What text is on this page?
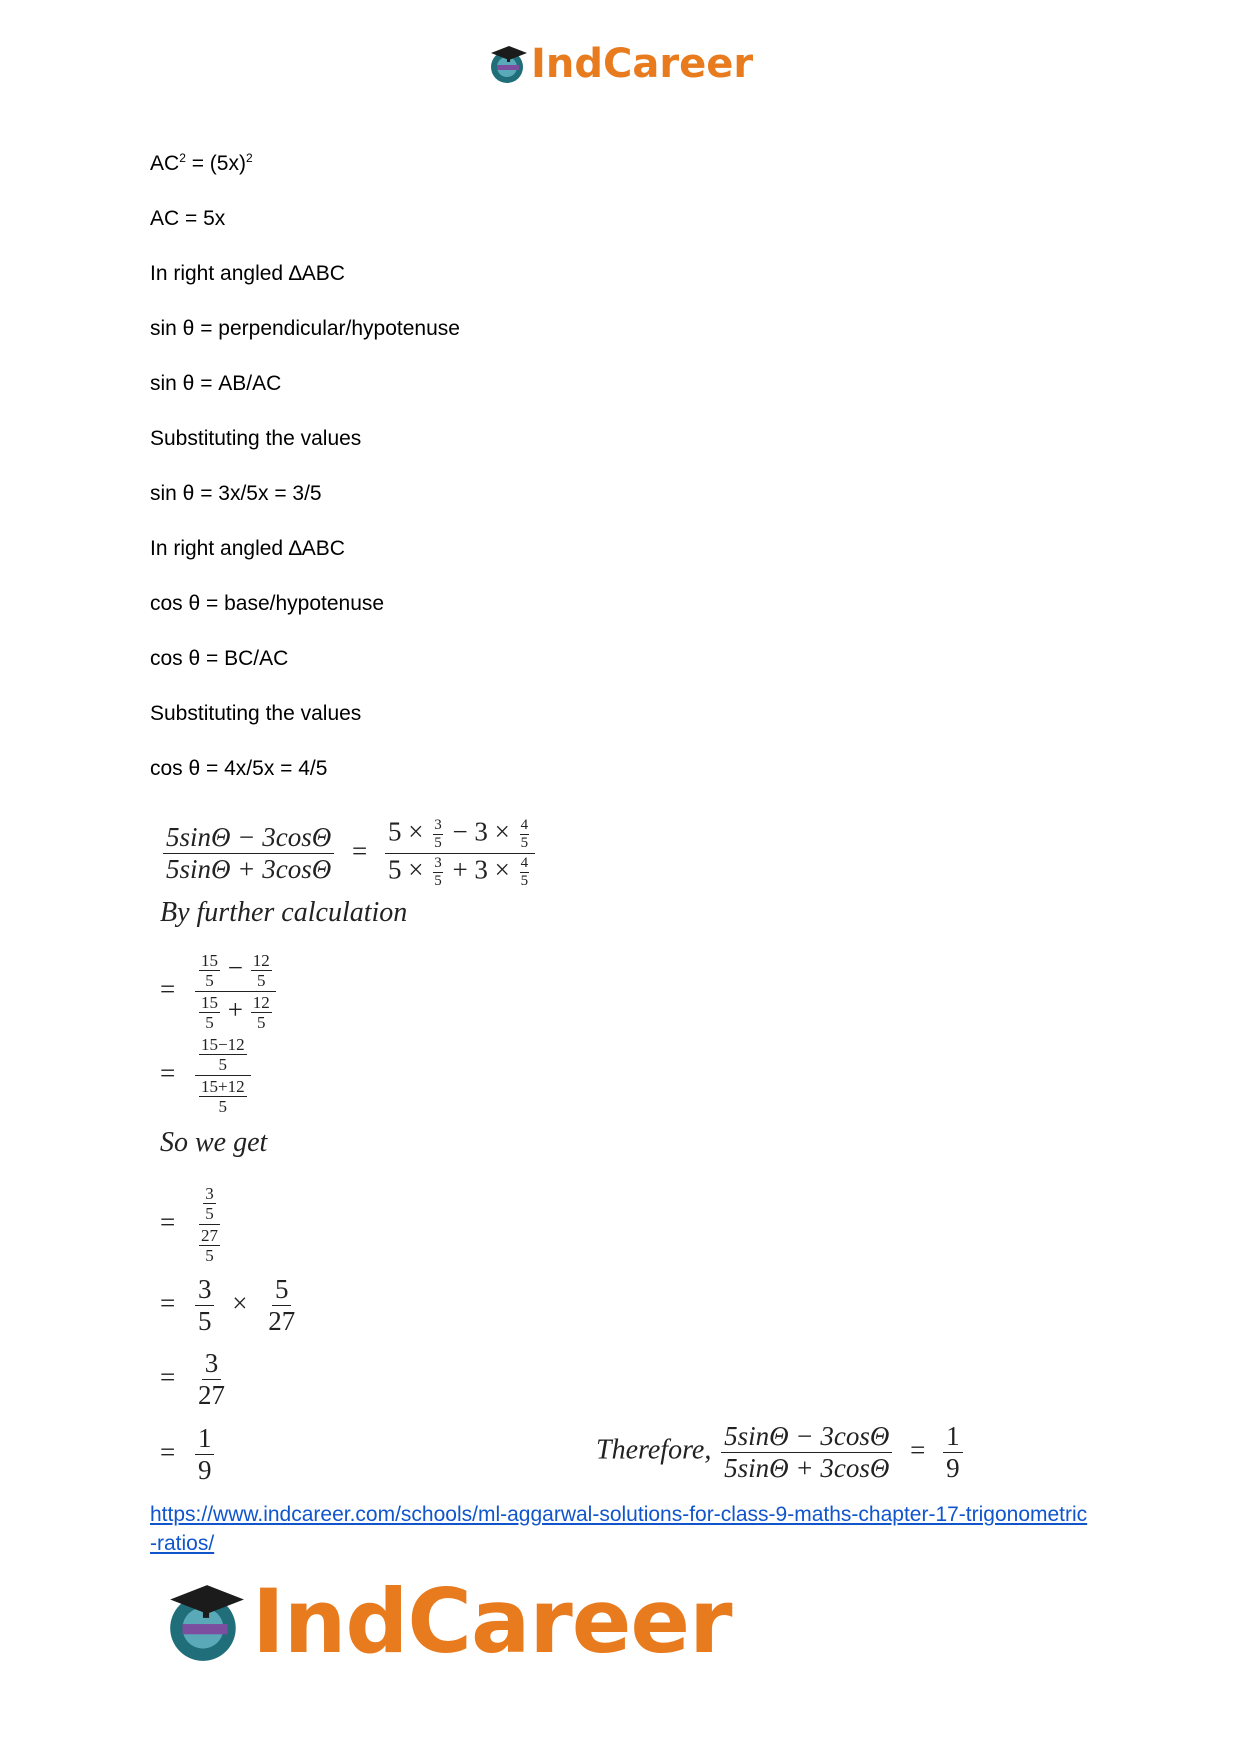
IndCareer
$AC^2 = (5x)^2$
AC = 5x
In right angled ∆ABC
sin θ = perpendicular/hypotenuse
sin θ = AB/AC
Substituting the values
sin θ = 3x/5x = 3/5
In right angled ∆ABC
cos θ = base/hypotenuse
cos θ = BC/AC
Substituting the values
cos θ = 4x/5x = 4/5
$\frac{5\sin\Theta - 3\cos\Theta}{5\sin\Theta + 3\cos\Theta} = \frac{5 \times \frac{3}{5} - 3 \times \frac{4}{5}}{5 \times \frac{3}{5} + 3 \times \frac{4}{5}}$
By further calculation
= $\frac{\frac{15}{5} - \frac{12}{5}}{\frac{15}{5} + \frac{12}{5}}$
= $\frac{\frac{15-12}{5}}{\frac{15+12}{5}}$
So we get
= $\frac{\frac{3}{5}}{\frac{27}{5}}$
= $\frac{3}{5} \times \frac{5}{27}$
= $\frac{3}{27}$
= $\frac{1}{9}$	Therefore, $\frac{5\sin\Theta - 3\cos\Theta}{5\sin\Theta + 3\cos\Theta} = \frac{1}{9}$
https://www.indcareer.com/schools/ml-aggarwal-solutions-for-class-9-maths-chapter-17-trigonometric-ratios/
IndCareer
